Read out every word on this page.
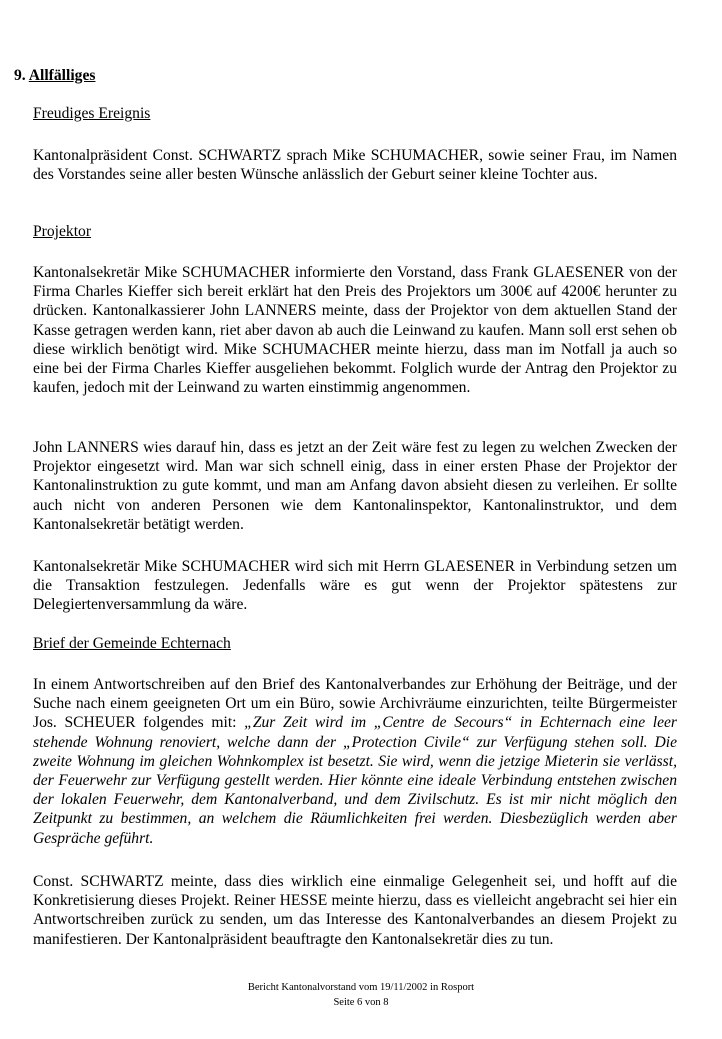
9. Allfälliges
Freudiges Ereignis

Kantonalpräsident Const. SCHWARTZ sprach Mike SCHUMACHER, sowie seiner Frau, im Namen des Vorstandes seine aller besten Wünsche anlässlich der Geburt seiner kleine Tochter aus.

Projektor

Kantonalsekretär Mike SCHUMACHER informierte den Vorstand, dass Frank GLAESENER von der Firma Charles Kieffer sich bereit erklärt hat den Preis des Projektors um 300€ auf 4200€ herunter zu drücken. Kantonalkassierer John LANNERS meinte, dass der Projektor von dem aktuellen Stand der Kasse getragen werden kann, riet aber davon ab auch die Leinwand zu kaufen. Mann soll erst sehen ob diese wirklich benötigt wird. Mike SCHUMACHER meinte hierzu, dass man im Notfall ja auch so eine bei der Firma Charles Kieffer ausgeliehen bekommt. Folglich wurde der Antrag den Projektor zu kaufen, jedoch mit der Leinwand zu warten einstimmig angenommen.

John LANNERS wies darauf hin, dass es jetzt an der Zeit wäre fest zu legen zu welchen Zwecken der Projektor eingesetzt wird. Man war sich schnell einig, dass in einer ersten Phase der Projektor der Kantonalinstruktion zu gute kommt, und man am Anfang davon absieht diesen zu verleihen. Er sollte auch nicht von anderen Personen wie dem Kantonalinspektor, Kantonalinstruktor, und dem Kantonalsekretär betätigt werden.

Kantonalsekretär Mike SCHUMACHER wird sich mit Herrn GLAESENER in Verbindung setzen um die Transaktion festzulegen. Jedenfalls wäre es gut wenn der Projektor spätestens zur Delegiertenversammlung da wäre.

Brief der Gemeinde Echternach

In einem Antwortschreiben auf den Brief des Kantonalverbandes zur Erhöhung der Beiträge, und der Suche nach einem geeigneten Ort um ein Büro, sowie Archivräume einzurichten, teilte Bürgermeister Jos. SCHEUER folgendes mit: „Zur Zeit wird im „Centre de Secours“ in Echternach eine leer stehende Wohnung renoviert, welche dann der „Protection Civile“ zur Verfügung stehen soll. Die zweite Wohnung im gleichen Wohnkomplex ist besetzt. Sie wird, wenn die jetzige Mieterin sie verlässt, der Feuerwehr zur Verfügung gestellt werden. Hier könnte eine ideale Verbindung entstehen zwischen der lokalen Feuerwehr, dem Kantonalverband, und dem Zivilschutz. Es ist mir nicht möglich den Zeitpunkt zu bestimmen, an welchem die Räumlichkeiten frei werden. Diesbezüglich werden aber Gespräche geführt.

Const. SCHWARTZ meinte, dass dies wirklich eine einmalige Gelegenheit sei, und hofft auf die Konkretisierung dieses Projekt. Reiner HESSE meinte hierzu, dass es vielleicht angebracht sei hier ein Antwortschreiben zurück zu senden, um das Interesse des Kantonalverbandes an diesem Projekt zu manifestieren. Der Kantonalpräsident beauftragte den Kantonalsekretär dies zu tun.

Bericht Kantonalvorstand vom 19/11/2002 in Rosport
Seite 6 von 8
